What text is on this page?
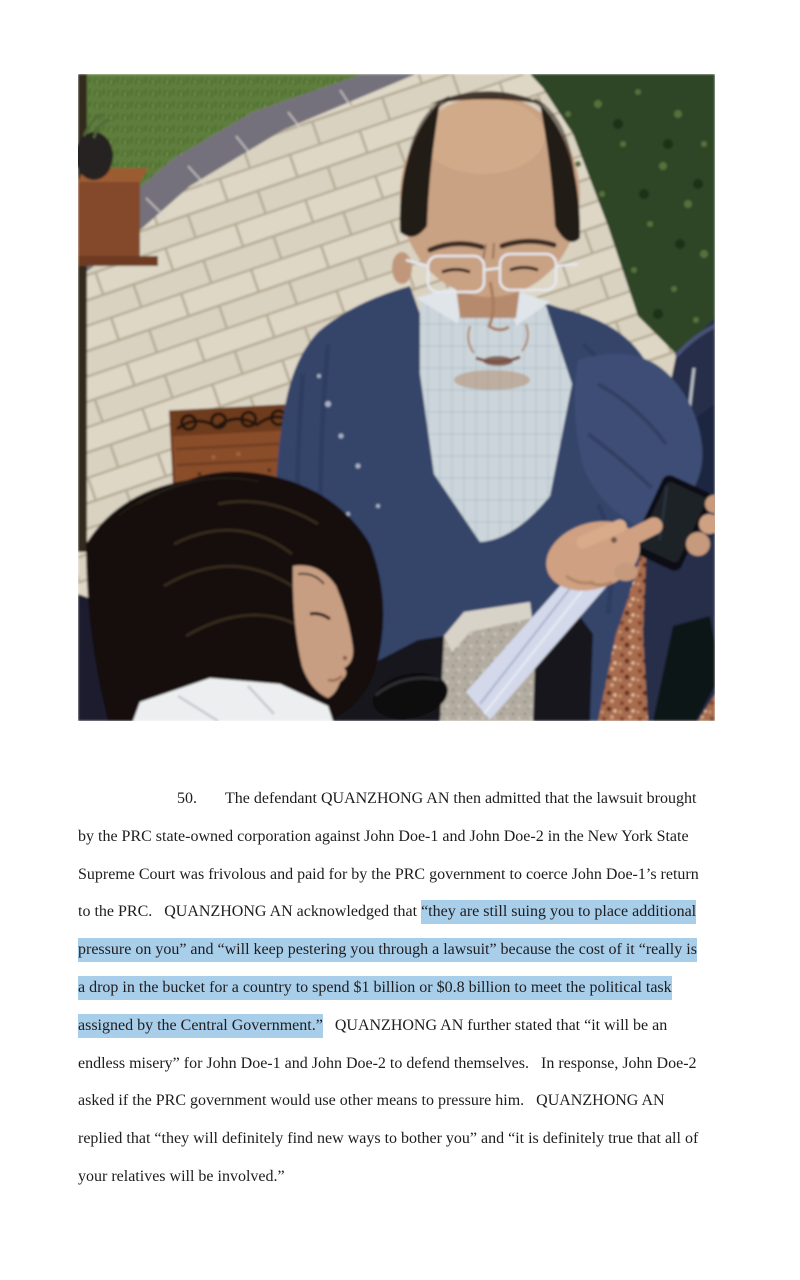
50. The defendant QUANZHONG AN then admitted that the lawsuit brought
by the PRC state-owned corporation against John Doe-1 and John Doe-2 in the New York State
Supreme Court was frivolous and paid for by the PRC government to coerce John Doe-1’s return
to the PRC.   QUANZHONG AN acknowledged that “they are still suing you to place additional
pressure on you” and “will keep pestering you through a lawsuit” because the cost of it “really is
a drop in the bucket for a country to spend $1 billion or $0.8 billion to meet the political task
assigned by the Central Government.”   QUANZHONG AN further stated that “it will be an
endless misery” for John Doe-1 and John Doe-2 to defend themselves.   In response, John Doe-2
asked if the PRC government would use other means to pressure him.   QUANZHONG AN
replied that “they will definitely find new ways to bother you” and “it is definitely true that all of
your relatives will be involved.”
